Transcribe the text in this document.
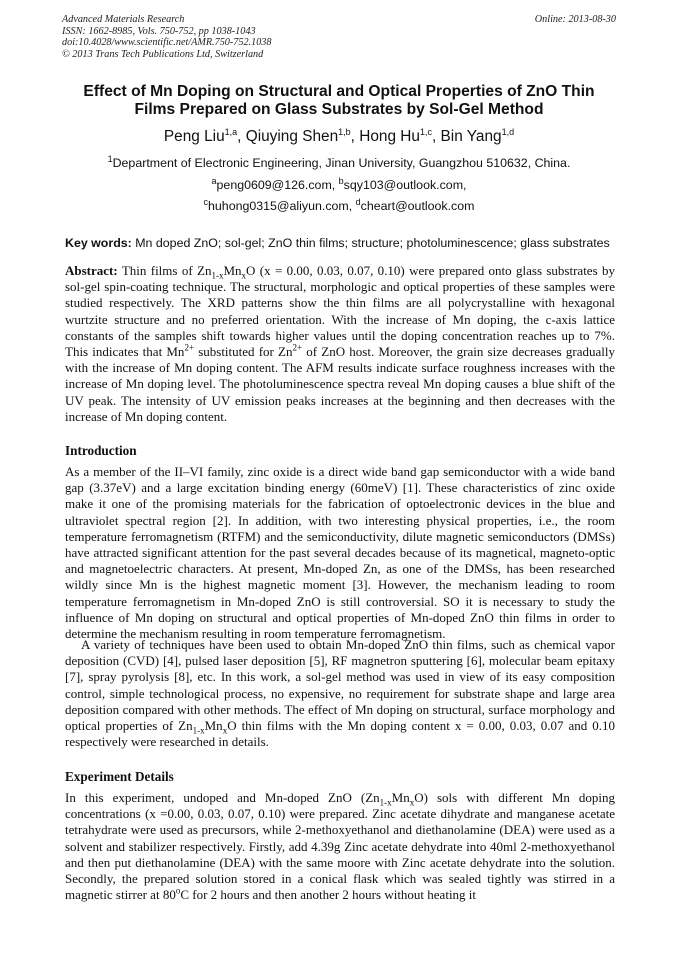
Advanced Materials Research
ISSN: 1662-8985, Vols. 750-752, pp 1038-1043
doi:10.4028/www.scientific.net/AMR.750-752.1038
© 2013 Trans Tech Publications Ltd, Switzerland
Online: 2013-08-30
Effect of Mn Doping on Structural and Optical Properties of ZnO Thin
Films Prepared on Glass Substrates by Sol-Gel Method
Peng Liu$^{1,a}$, Qiuying Shen$^{1,b}$, Hong Hu$^{1,c}$, Bin Yang$^{1,d}$
$^1$Department of Electronic Engineering, Jinan University, Guangzhou 510632, China.
$^a$peng0609@126.com, $^b$sqy103@outlook.com,
$^c$huhong0315@aliyun.com, $^d$cheart@outlook.com
Key words: Mn doped ZnO; sol-gel; ZnO thin films; structure; photoluminescence; glass substrates
Abstract: Thin films of $Zn_{1-x}Mn_xO$ (x = 0.00, 0.03, 0.07, 0.10) were prepared onto glass substrates by sol-gel spin-coating technique. The structural, morphologic and optical properties of these samples were studied respectively. The XRD patterns show the thin films are all polycrystalline with hexagonal wurtzite structure and no preferred orientation. With the increase of Mn doping, the c-axis lattice constants of the samples shift towards higher values until the doping concentration reaches up to 7%. This indicates that $Mn^{2+}$ substituted for $Zn^{2+}$ of ZnO host. Moreover, the grain size decreases gradually with the increase of Mn doping content. The AFM results indicate surface roughness increases with the increase of Mn doping level. The photoluminescence spectra reveal Mn doping causes a blue shift of the UV peak. The intensity of UV emission peaks increases at the beginning and then decreases with the increase of Mn doping content.
Introduction
As a member of the II–VI family, zinc oxide is a direct wide band gap semiconductor with a wide band gap (3.37eV) and a large excitation binding energy (60meV) [1]. These characteristics of zinc oxide make it one of the promising materials for the fabrication of optoelectronic devices in the blue and ultraviolet spectral region [2]. In addition, with two interesting physical properties, i.e., the room temperature ferromagnetism (RTFM) and the semiconductivity, dilute magnetic semiconductors (DMSs) have attracted significant attention for the past several decades because of its magnetical, magneto-optic and magnetoelectric characters. At present, Mn-doped Zn, as one of the DMSs, has been researched wildly since Mn is the highest magnetic moment [3]. However, the mechanism leading to room temperature ferromagnetism in Mn-doped ZnO is still controversial. SO it is necessary to study the influence of Mn doping on structural and optical properties of Mn-doped ZnO thin films in order to determine the mechanism resulting in room temperature ferromagnetism.
A variety of techniques have been used to obtain Mn-doped ZnO thin films, such as chemical vapor deposition (CVD) [4], pulsed laser deposition [5], RF magnetron sputtering [6], molecular beam epitaxy [7], spray pyrolysis [8], etc. In this work, a sol-gel method was used in view of its easy composition control, simple technological process, no expensive, no requirement for substrate shape and large area deposition compared with other methods. The effect of Mn doping on structural, surface morphology and optical properties of $Zn_{1-x}Mn_xO$ thin films with the Mn doping content x = 0.00, 0.03, 0.07 and 0.10 respectively were researched in details.
Experiment Details
In this experiment, undoped and Mn-doped ZnO $(Zn_{1-x}Mn_xO)$ sols with different Mn doping concentrations (x =0.00, 0.03, 0.07, 0.10) were prepared. Zinc acetate dihydrate and manganese acetate tetrahydrate were used as precursors, while 2-methoxyethanol and diethanolamine (DEA) were used as a solvent and stabilizer respectively. Firstly, add 4.39g Zinc acetate dehydrate into 40ml 2-methoxyethanol and then put diethanolamine (DEA) with the same moore with Zinc acetate dehydrate into the solution. Secondly, the prepared solution stored in a conical flask which was sealed tightly was stirred in a magnetic stirrer at 80$^o$C for 2 hours and then another 2 hours without heating it
